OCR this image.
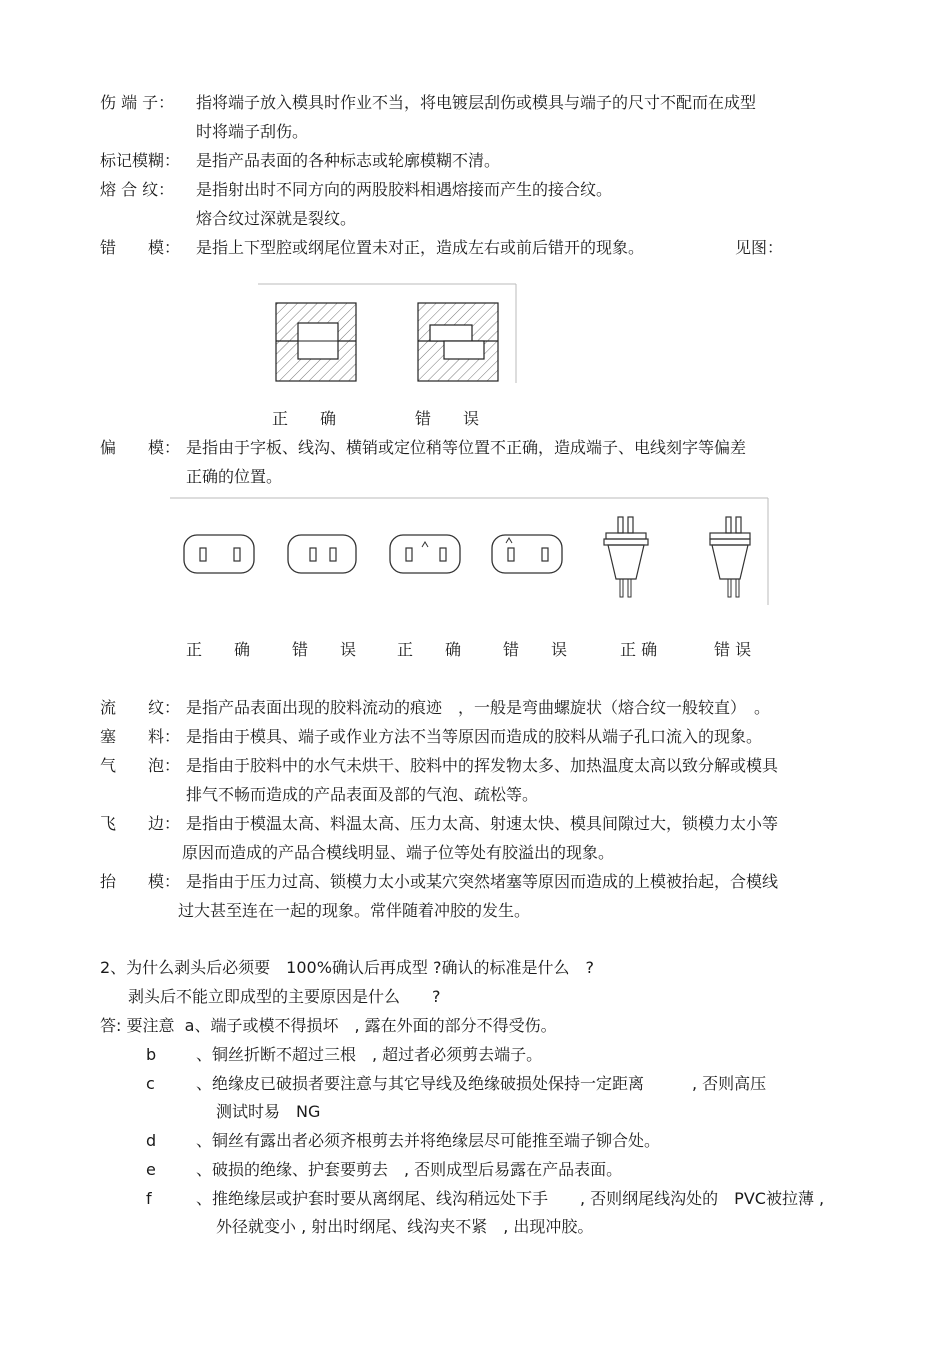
伤 端 子： 指将端子放入模具时作业不当，将电镀层刮伤或模具与端子的尺寸不配而在成型
时将端子刮伤。
标记模糊： 是指产品表面的各种标志或轮廓模糊不清。
熔 合 纹： 是指射出时不同方向的两股胶料相遇熔接而产生的接合纹。
熔合纹过深就是裂纹。
错　　模： 是指上下型腔或纲尾位置未对正，造成左右或前后错开的现象。	见图：
正　　确	错　　误
偏　　模： 是指由于字板、线沟、横销或定位稍等位置不正确，造成端子、电线刻字等偏差
正确的位置。
正　　确	错　　误	正　　确	错　　误	正 确	错 误
流　　纹： 是指产品表面出现的胶料流动的痕迹　，一般是弯曲螺旋状（熔合纹一般较直）　。
塞　　料： 是指由于模具、端子或作业方法不当等原因而造成的胶料从端子孔口流入的现象。
气　　泡： 是指由于胶料中的水气未烘干、胶料中的挥发物太多、加热温度太高以致分解或模具
排气不畅而造成的产品表面及部的气泡、疏松等。
飞　　边： 是指由于模温太高、料温太高、压力太高、射速太快、模具间隙过大，锁模力太小等
原因而造成的产品合模线明显、端子位等处有胶溢出的现象。
抬　　模： 是指由于压力过高、锁模力太小或某穴突然堵塞等原因而造成的上模被抬起，合模线
过大甚至连在一起的现象。常伴随着冲胶的发生。
2、为什么剥头后必须要　100%确认后再成型 ?确认的标准是什么　?
剥头后不能立即成型的主要原因是什么　　?
答: 要注意  a、端子或模不得损坏　, 露在外面的部分不得受伤。
b 、铜丝折断不超过三根　, 超过者必须剪去端子。
c	、绝缘皮已破损者要注意与其它导线及绝缘破损处保持一定距离　　　, 否则高压
测试时易　NG
d 、铜丝有露出者必须齐根剪去并将绝缘层尽可能推至端子铆合处。
e	、破损的绝缘、护套要剪去　, 否则成型后易露在产品表面。
f	、推绝缘层或护套时要从离纲尾、线沟稍远处下手　　, 否则纲尾线沟处的　PVC被拉薄 ,
外径就变小 , 射出时纲尾、线沟夹不紧　, 出现冲胶。
